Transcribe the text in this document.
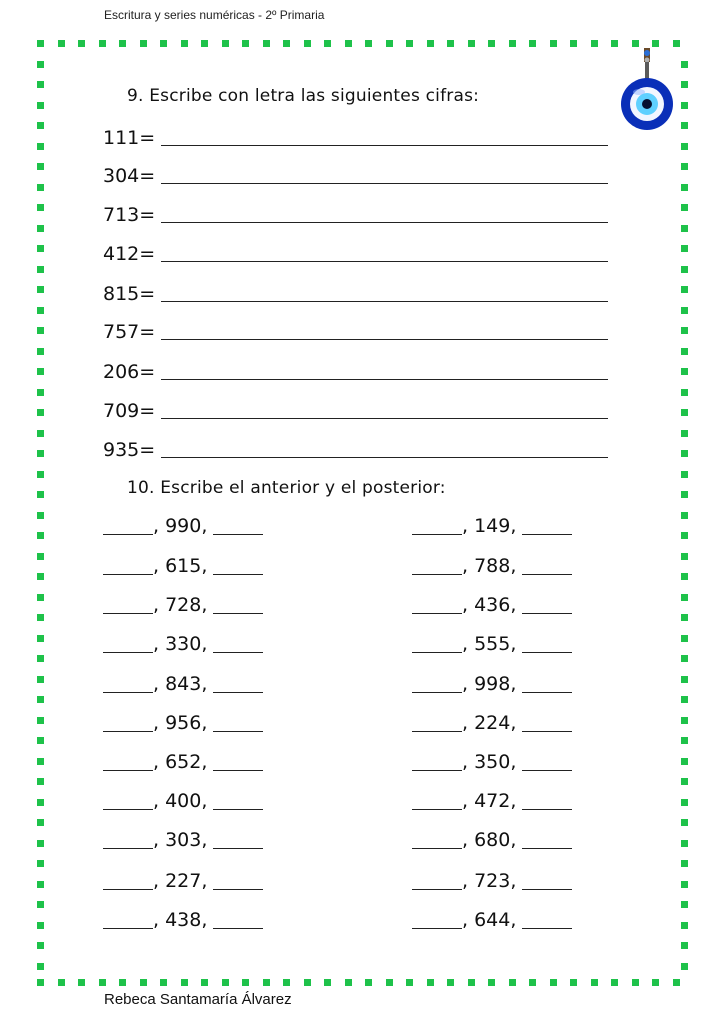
Escritura y series numéricas - 2º Primaria
9. Escribe con letra las siguientes cifras:
111=
304=
713=
412=
815=
757=
206=
709=
935=
10. Escribe el anterior y el posterior:
, 990,
, 615,
, 728,
, 330,
, 843,
, 956,
, 652,
, 400,
, 303,
, 227,
, 438,
, 149,
, 788,
, 436,
, 555,
, 998,
, 224,
, 350,
, 472,
, 680,
, 723,
, 644,
Rebeca Santamaría Álvarez
